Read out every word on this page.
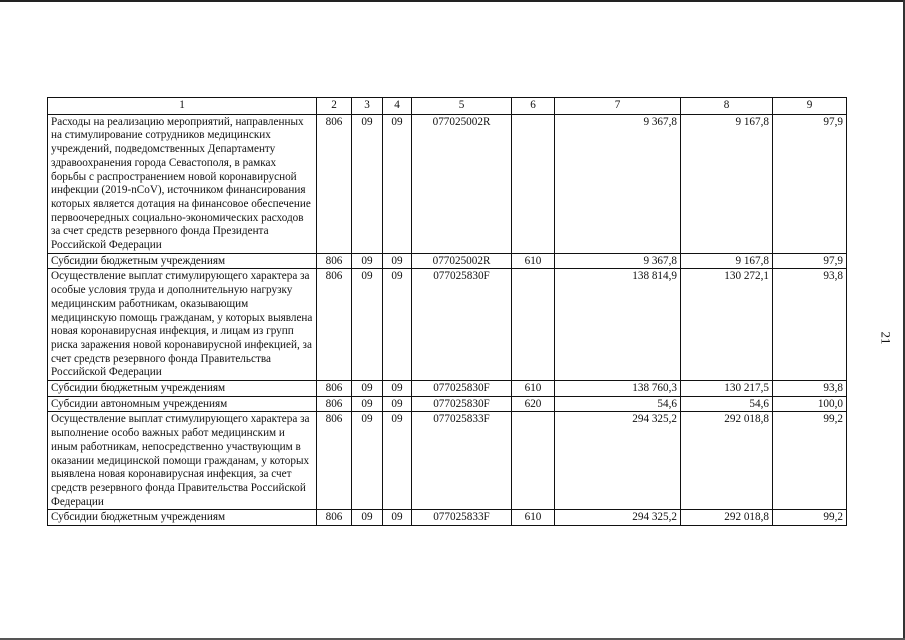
1	2	3	4	5	6	7	8	9
Расходы на реализацию мероприятий, направленных на стимулирование сотрудников медицинских учреждений, подведомственных Департаменту здравоохранения города Севастополя, в рамках борьбы с распространением новой коронавирусной инфекции (2019-nCoV), источником финансирования которых является дотация на финансовое обеспечение первоочередных социально-экономических расходов за счет средств резервного фонда Президента Российской Федерации	806	09	09	077025002R		9 367,8	9 167,8	97,9
Субсидии бюджетным учреждениям	806	09	09	077025002R	610	9 367,8	9 167,8	97,9
Осуществление выплат стимулирующего характера за особые условия труда и дополнительную нагрузку медицинским работникам, оказывающим медицинскую помощь гражданам, у которых выявлена новая коронавирусная инфекция, и лицам из групп риска заражения новой коронавирусной инфекцией, за счет средств резервного фонда Правительства Российской Федерации	806	09	09	077025830F		138 814,9	130 272,1	93,8
Субсидии бюджетным учреждениям	806	09	09	077025830F	610	138 760,3	130 217,5	93,8
Субсидии автономным учреждениям	806	09	09	077025830F	620	54,6	54,6	100,0
Осуществление выплат стимулирующего характера за выполнение особо важных работ медицинским и иным работникам, непосредственно участвующим в оказании медицинской помощи гражданам, у которых выявлена новая коронавирусная инфекция, за счет средств резервного фонда Правительства Российской Федерации	806	09	09	077025833F		294 325,2	292 018,8	99,2
Субсидии бюджетным учреждениям	806	09	09	077025833F	610	294 325,2	292 018,8	99,2
21
